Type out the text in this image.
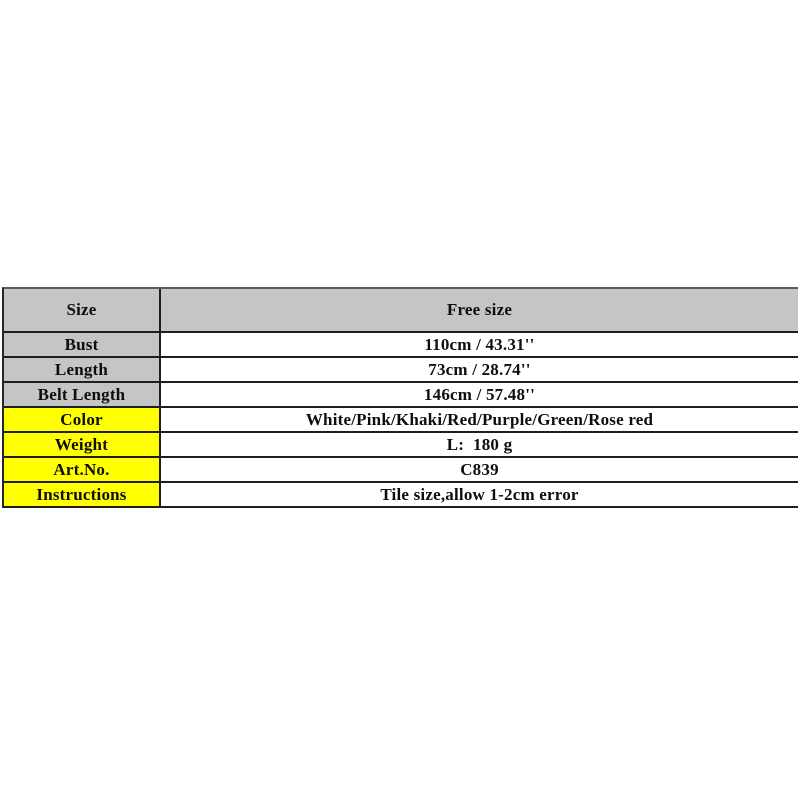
Size	Free size
Bust	110cm / 43.31''
Length	73cm / 28.74''
Belt Length	146cm / 57.48''
Color	White/Pink/Khaki/Red/Purple/Green/Rose red
Weight	L:  180 g
Art.No.	C839
Instructions	Tile size,allow 1-2cm error
